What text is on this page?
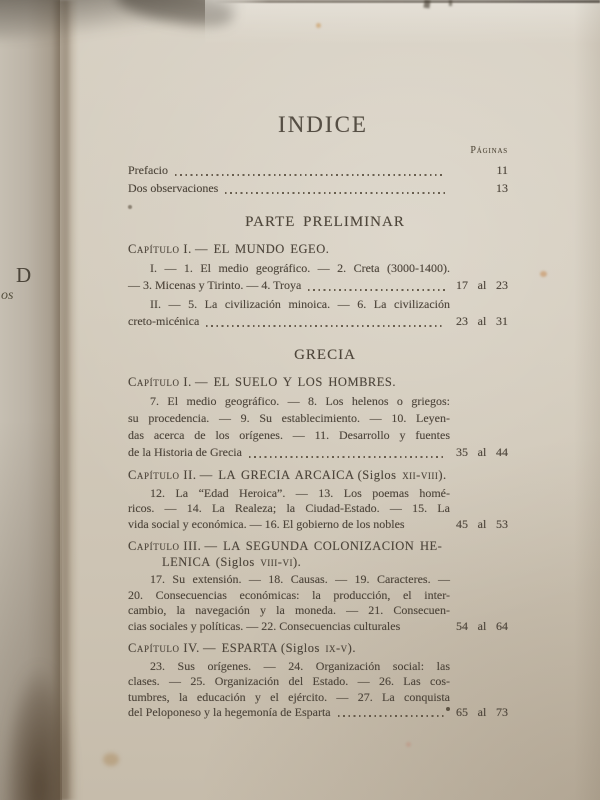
D
os
INDICE
Páginas
Prefacio	11
Dos observaciones	13
PARTE PRELIMINAR
Capítulo I. — EL MUNDO EGEO.
I. — 1. El medio geográfico. — 2. Creta (3000-1400).
— 3. Micenas y Tirinto. — 4. Troya	17 al 23
II. — 5. La civilización minoica. — 6. La civilización
creto-micénica	23 al 31
GRECIA
Capítulo I. — EL SUELO Y LOS HOMBRES.
7. El medio geográfico. — 8. Los helenos o griegos:
su procedencia. — 9. Su establecimiento. — 10. Leyen-
das acerca de los orígenes. — 11. Desarrollo y fuentes
de la Historia de Grecia	35 al 44
Capítulo II. — LA GRECIA ARCAICA (Siglos xii-viii).
12. La “Edad Heroica”. — 13. Los poemas homé-
ricos. — 14. La Realeza; la Ciudad-Estado. — 15. La
vida social y económica. — 16. El gobierno de los nobles	45 al 53
Capítulo III. — LA SEGUNDA COLONIZACION HE-
LENICA (Siglos viii-vi).
17. Su extensión. — 18. Causas. — 19. Caracteres. —
20. Consecuencias económicas: la producción, el inter-
cambio, la navegación y la moneda. — 21. Consecuen-
cias sociales y políticas. — 22. Consecuencias culturales	54 al 64
Capítulo IV. — ESPARTA (Siglos ix-v).
23. Sus orígenes. — 24. Organización social: las
clases. — 25. Organización del Estado. — 26. Las cos-
tumbres, la educación y el ejército. — 27. La conquista
del Peloponeso y la hegemonía de Esparta	65 al 73
